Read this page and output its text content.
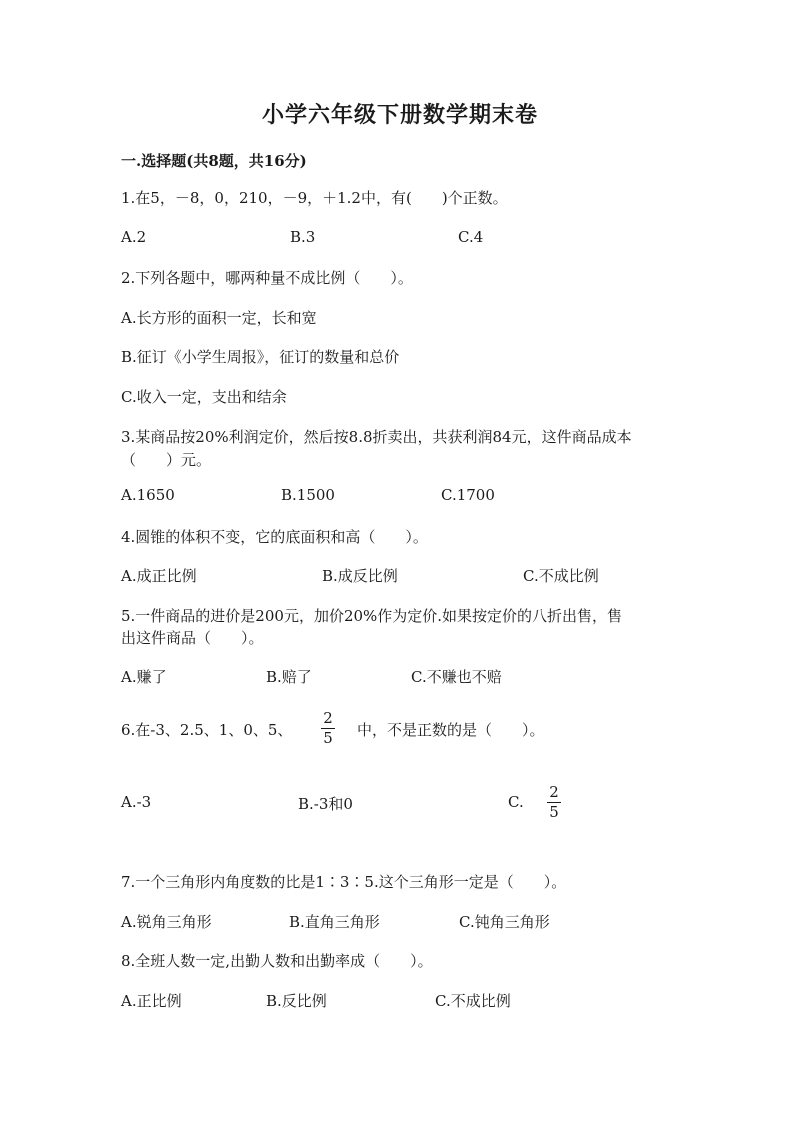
小学六年级下册数学期末卷
一.选择题(共8题，共16分)
1.在5，－8，0，210，－9，＋1.2中，有(　　)个正数。
A.2	B.3	C.4
2.下列各题中，哪两种量不成比例（　　）。
A.长方形的面积一定，长和宽
B.征订《小学生周报》，征订的数量和总价
C.收入一定，支出和结余
3.某商品按20%利润定价，然后按8.8折卖出，共获利润84元，这件商品成本
（　　）元。
A.1650	B.1500	C.1700
4.圆锥的体积不变，它的底面积和高（　　）。
A.成正比例	B.成反比例	C.不成比例
5.一件商品的进价是200元，加价20%作为定价.如果按定价的八折出售，售
出这件商品（　　）。
A.赚了	B.赔了	C.不赚也不赔
6.在-3、2.5、1、0、5、
2
5 中，不是正数的是（　　）。
A.-3	B.-3和0	C.
2
5
7.一个三角形内角度数的比是1∶3∶5.这个三角形一定是（　　）。
A.锐角三角形	B.直角三角形	C.钝角三角形
8.全班人数一定,出勤人数和出勤率成（　　）。
A.正比例	B.反比例	C.不成比例
